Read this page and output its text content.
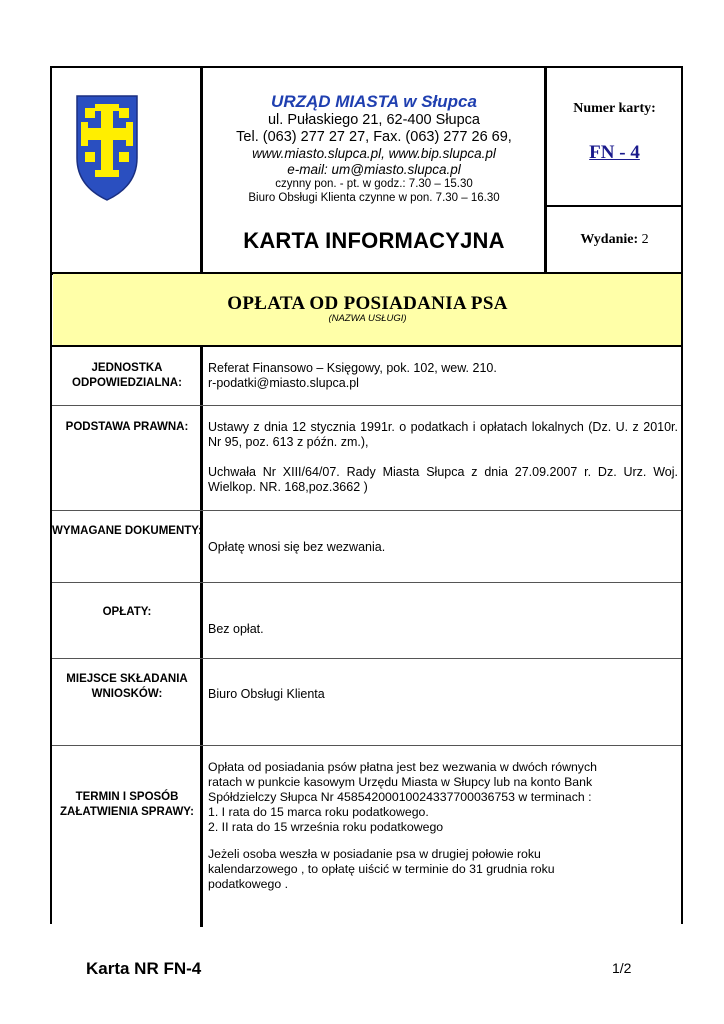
URZĄD MIASTA w Słupca
ul. Pułaskiego 21, 62-400 Słupca
Tel. (063) 277 27 27, Fax. (063) 277 26 69,
www.miasto.slupca.pl, www.bip.slupca.pl
e-mail: um@miasto.slupca.pl
czynny pon. - pt. w godz.: 7.30 – 15.30
Biuro Obsługi Klienta czynne w pon. 7.30 – 16.30
KARTA INFORMACYJNA
Numer karty:
FN - 4
Wydanie: 2
OPŁATA OD POSIADANIA PSA
(NAZWA USŁUGI)
JEDNOSTKA ODPOWIEDZIALNA:

Referat Finansowo – Księgowy, pok. 102, wew. 210.

r-podatki@miasto.slupca.pl

PODSTAWA PRAWNA:	Ustawy z dnia 12 stycznia 1991r. o podatkach i opłatach lokalnych (Dz. U. z 2010r. Nr 95, poz. 613 z późn. zm.),

Uchwała Nr XIII/64/07. Rady Miasta Słupca z dnia 27.09.2007 r. Dz. Urz. Woj. Wielkop. NR. 168,poz.3662 )

WYMAGANE DOKUMENTY:
Opłatę wnosi się bez wezwania.
OPŁATY:
Bez opłat.
MIEJSCE SKŁADANIA WNIOSKÓW:	Biuro Obsługi Klienta
TERMIN I SPOSÓB ZAŁATWIENIA SPRAWY:

Opłata od posiadania psów płatna jest bez wezwania w dwóch równych

ratach w punkcie kasowym Urzędu Miasta w Słupcy lub na konto Bank

Spółdzielczy Słupca Nr 45854200010024337700036753 w terminach :

1. I rata do 15 marca roku podatkowego.

2. II rata do 15 września roku podatkowego

Jeżeli osoba weszła w posiadanie psa w drugiej połowie roku

kalendarzowego , to opłatę uiścić w terminie do 31 grudnia roku

podatkowego .

Karta NR FN-4	1/2
